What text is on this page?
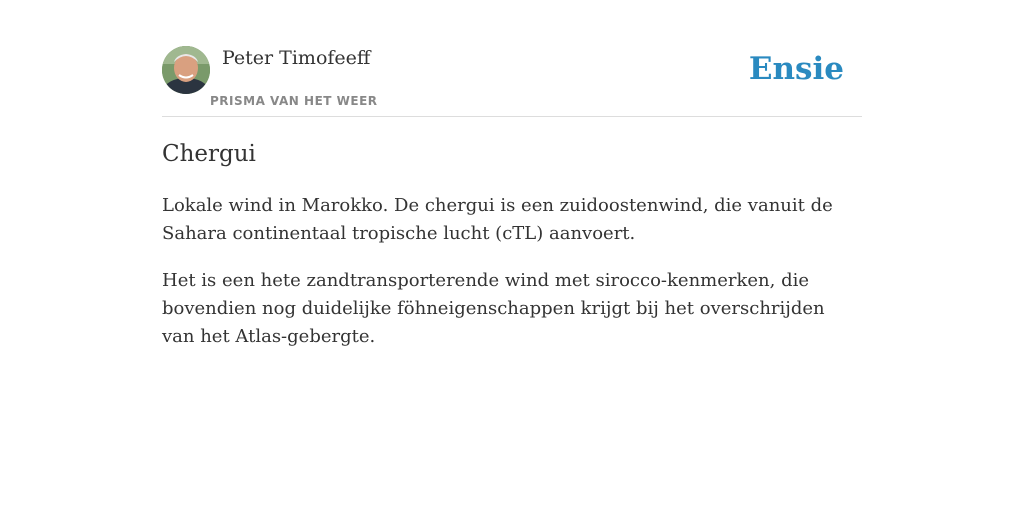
Peter Timofeeff
PRISMA VAN HET WEER
Ensie
Chergui

Lokale wind in Marokko. De chergui is een zuidoostenwind, die vanuit de Sahara continentaal tropische lucht (cTL) aanvoert.

Het is een hete zandtransporterende wind met sirocco-kenmerken, die bovendien nog duidelijke föhneigenschappen krijgt bij het overschrijden van het Atlas-gebergte.
